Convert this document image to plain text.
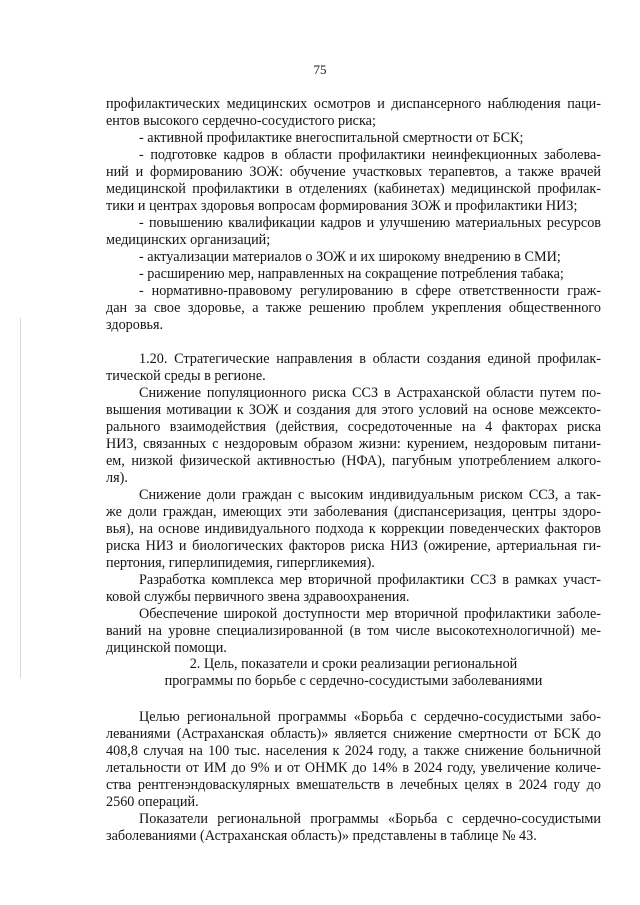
75
профилактических медицинских осмотров и диспансерного наблюдения паци-
ентов высокого сердечно-сосудистого риска;
- активной профилактике внегоспитальной смертности от БСК;
- подготовке кадров в области профилактики неинфекционных заболева-
ний и формированию ЗОЖ: обучение участковых терапевтов, а также врачей
медицинской профилактики в отделениях (кабинетах) медицинской профилак-
тики и центрах здоровья вопросам формирования ЗОЖ и профилактики НИЗ;
- повышению квалификации кадров и улучшению материальных ресурсов
медицинских организаций;
- актуализации материалов о ЗОЖ и их широкому внедрению в СМИ;
- расширению мер, направленных на сокращение потребления табака;
- нормативно-правовому регулированию в сфере ответственности граж-
дан за свое здоровье, а также решению проблем укрепления общественного
здоровья.
1.20. Стратегические направления в области создания единой профилак-
тической среды в регионе.
Снижение популяционного риска ССЗ в Астраханской области путем по-
вышения мотивации к ЗОЖ и создания для этого условий на основе межсекто-
рального взаимодействия (действия, сосредоточенные на 4 факторах риска
НИЗ, связанных с нездоровым образом жизни: курением, нездоровым питани-
ем, низкой физической активностью (НФА), пагубным употреблением алкого-
ля).
Снижение доли граждан с высоким индивидуальным риском ССЗ, а так-
же доли граждан, имеющих эти заболевания (диспансеризация, центры здоро-
вья), на основе индивидуального подхода к коррекции поведенческих факторов
риска НИЗ и биологических факторов риска НИЗ (ожирение, артериальная ги-
пертония, гиперлипидемия, гипергликемия).
Разработка комплекса мер вторичной профилактики ССЗ в рамках участ-
ковой службы первичного звена здравоохранения.
Обеспечение широкой доступности мер вторичной профилактики заболе-
ваний на уровне специализированной (в том числе высокотехнологичной) ме-
дицинской помощи.
2. Цель, показатели и сроки реализации региональной
программы по борьбе с сердечно-сосудистыми заболеваниями
Целью региональной программы «Борьба с сердечно-сосудистыми забо-
леваниями (Астраханская область)» является снижение смертности от БСК до
408,8 случая на 100 тыс. населения к 2024 году, а также снижение больничной
летальности от ИМ до 9% и от ОНМК до 14% в 2024 году, увеличение количе-
ства рентгенэндоваскулярных вмешательств в лечебных целях в 2024 году до
2560 операций.
Показатели региональной программы «Борьба с сердечно-сосудистыми
заболеваниями (Астраханская область)» представлены в таблице № 43.
